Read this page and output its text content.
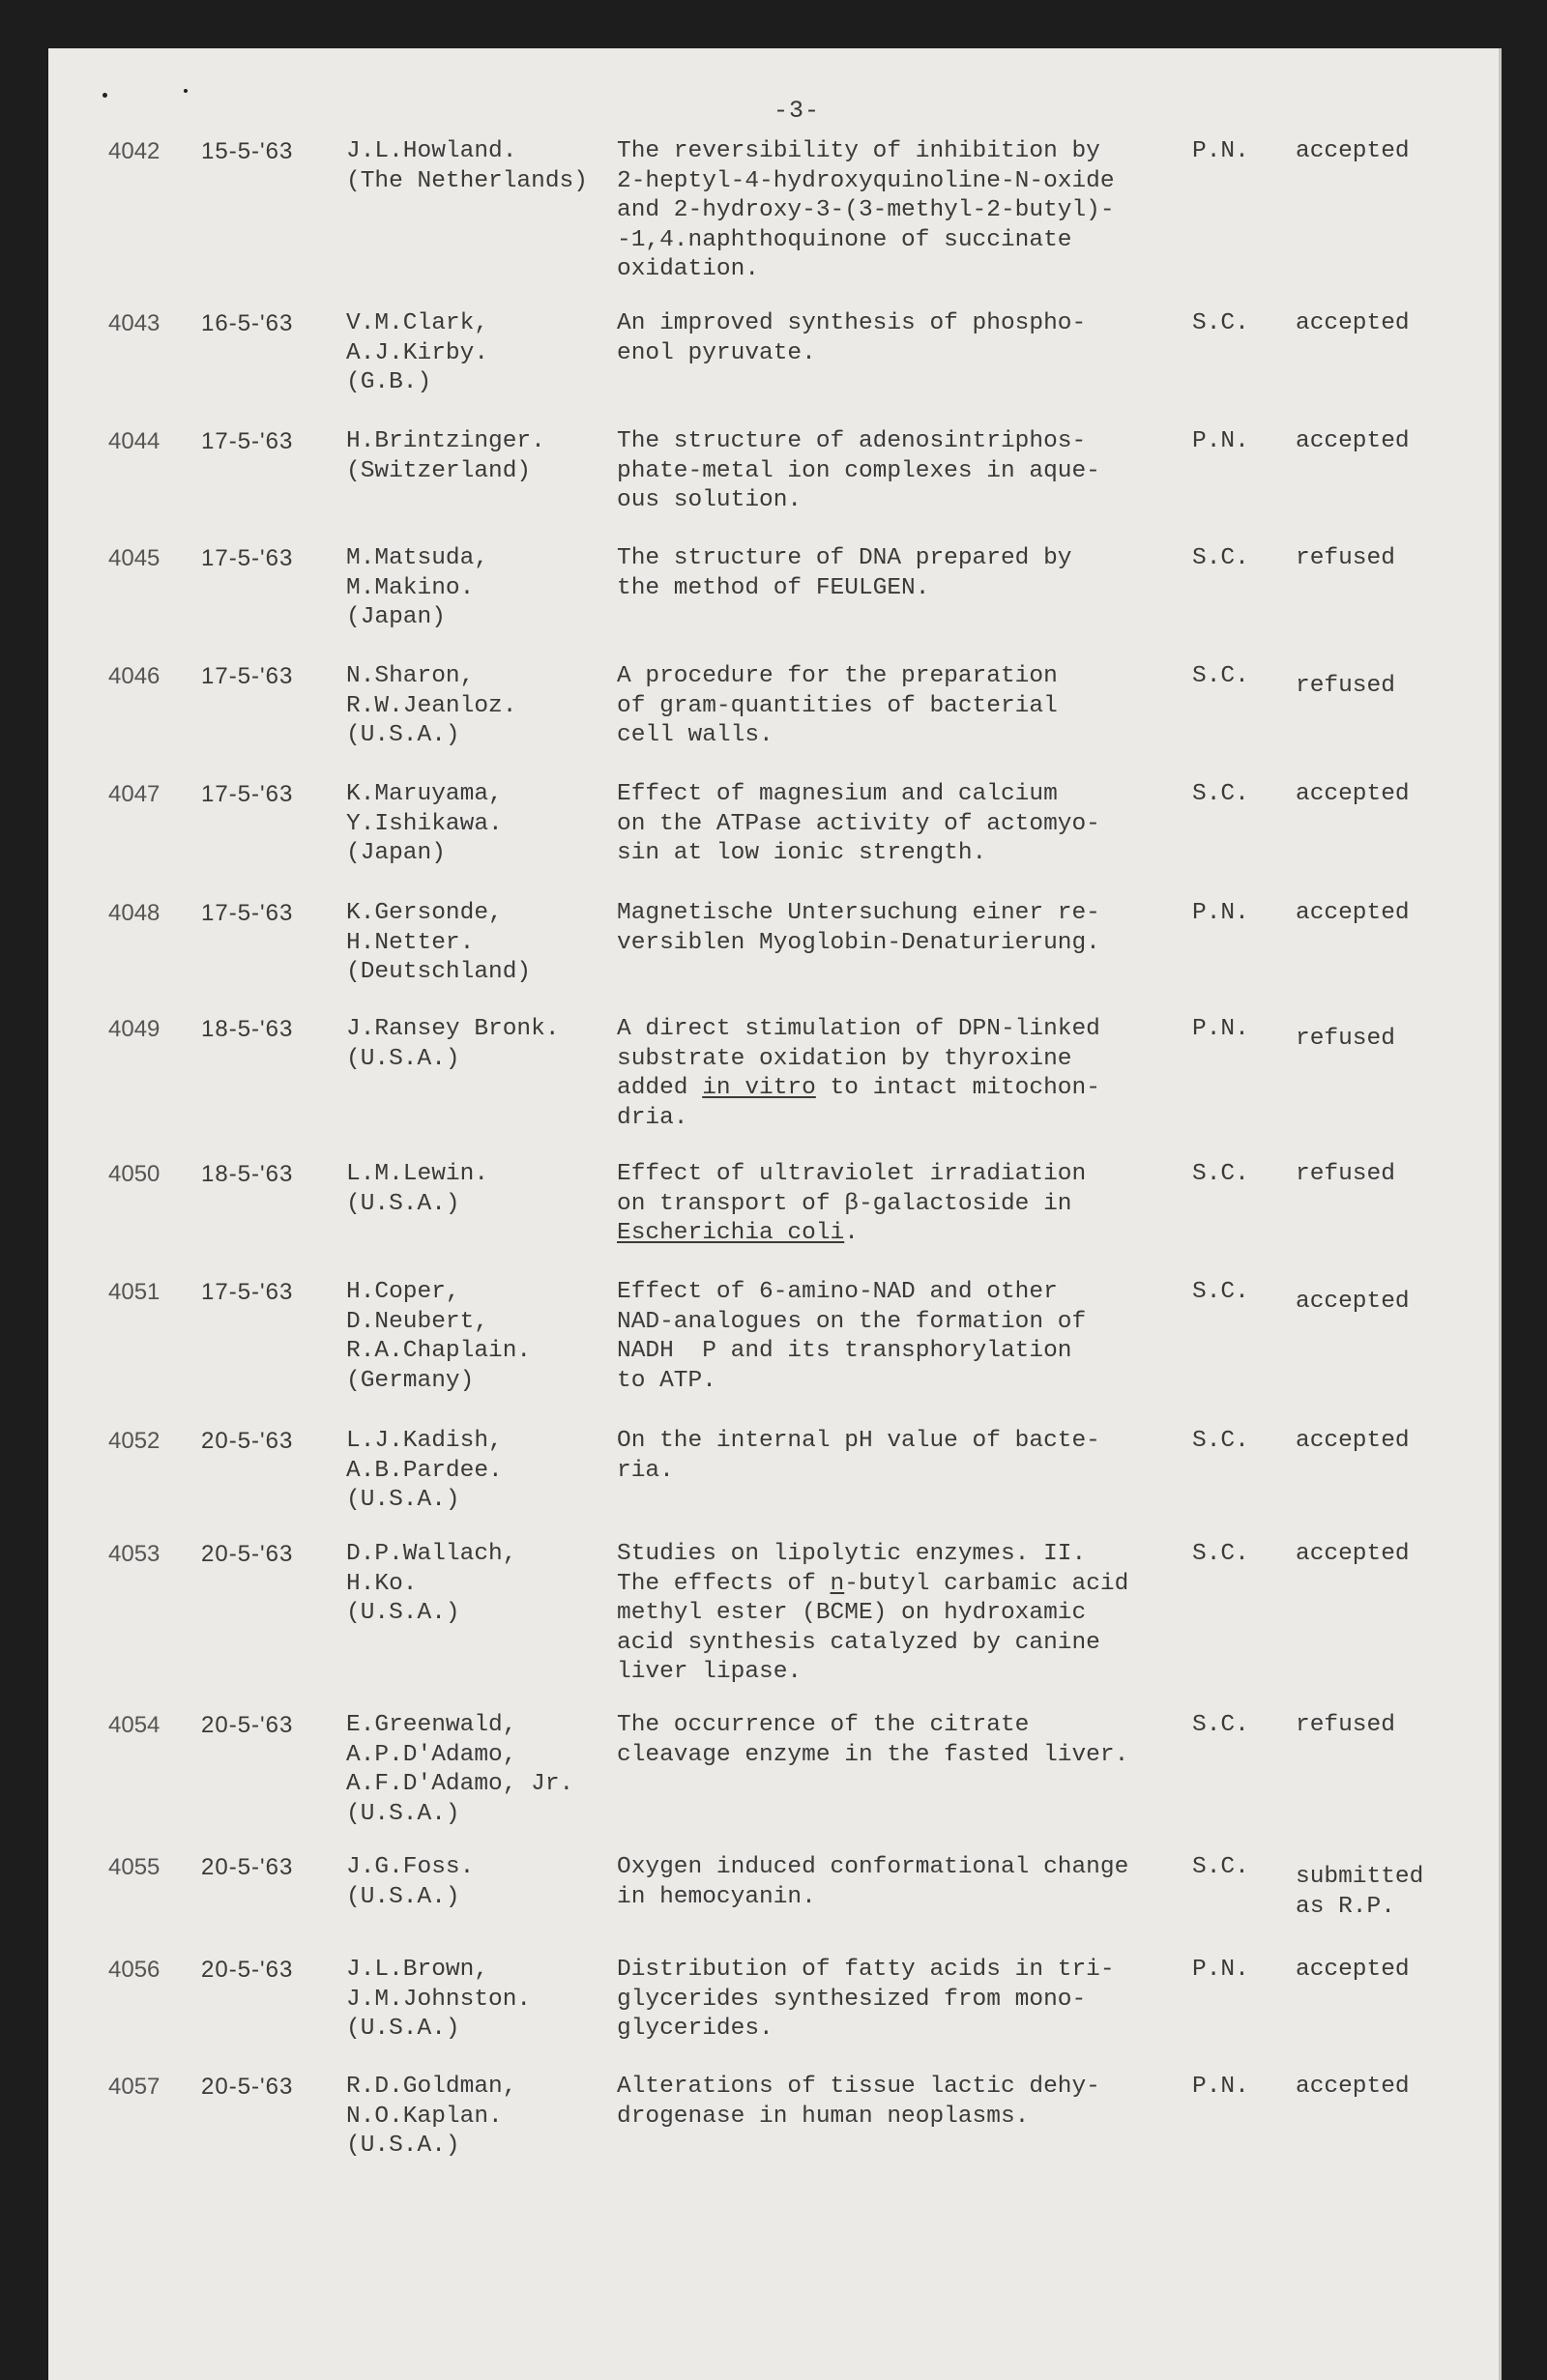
-3-
4042 15-5-'63 J.L.Howland.
(The Netherlands)
The reversibility of inhibition by
2-heptyl-4-hydroxyquinoline-N-oxide
and 2-hydroxy-3-(3-methyl-2-butyl)-
-1,4.naphthoquinone of succinate
oxidation.
P.N. accepted
4043 16-5-'63 V.M.Clark,
A.J.Kirby.
(G.B.)
An improved synthesis of phospho-
enol pyruvate.
S.C. accepted
4044 17-5-'63 H.Brintzinger.
(Switzerland)
The structure of adenosintriphos-
phate-metal ion complexes in aque-
ous solution.
P.N. accepted
4045 17-5-'63 M.Matsuda,
M.Makino.
(Japan)
The structure of DNA prepared by
the method of FEULGEN.
S.C. refused
4046 17-5-'63 N.Sharon,
R.W.Jeanloz.
(U.S.A.)
A procedure for the preparation
of gram-quantities of bacterial
cell walls.
S.C. refused
4047 17-5-'63 K.Maruyama,
Y.Ishikawa.
(Japan)
Effect of magnesium and calcium
on the ATPase activity of actomyo-
sin at low ionic strength.
S.C. accepted
4048 17-5-'63 K.Gersonde,
H.Netter.
(Deutschland)
Magnetische Untersuchung einer re-
versiblen Myoglobin-Denaturierung.
P.N. accepted
4049 18-5-'63 J.Ransey Bronk.
(U.S.A.)
A direct stimulation of DPN-linked
substrate oxidation by thyroxine
added in vitro to intact mitochon-
dria.
P.N. refused
4050 18-5-'63 L.M.Lewin.
(U.S.A.)
Effect of ultraviolet irradiation
on transport of β-galactoside in
Escherichia coli.
S.C. refused
4051 17-5-'63 H.Coper,
D.Neubert,
R.A.Chaplain.
(Germany)
Effect of 6-amino-NAD and other
NAD-analogues on the formation of
NADH  P and its transphorylation
to ATP.
S.C. accepted
4052 20-5-'63 L.J.Kadish,
A.B.Pardee.
(U.S.A.)
On the internal pH value of bacte-
ria.
S.C. accepted
4053 20-5-'63 D.P.Wallach,
H.Ko.
(U.S.A.)
Studies on lipolytic enzymes. II.
The effects of n-butyl carbamic acid
methyl ester (BCME) on hydroxamic
acid synthesis catalyzed by canine
liver lipase.
S.C. accepted
4054 20-5-'63 E.Greenwald,
A.P.D'Adamo,
A.F.D'Adamo, Jr.
(U.S.A.)
The occurrence of the citrate
cleavage enzyme in the fasted liver.
S.C. refused
4055 20-5-'63 J.G.Foss.
(U.S.A.)
Oxygen induced conformational change
in hemocyanin.
S.C. submitted
as R.P.
4056 20-5-'63 J.L.Brown,
J.M.Johnston.
(U.S.A.)
Distribution of fatty acids in tri-
glycerides synthesized from mono-
glycerides.
P.N. accepted
4057 20-5-'63 R.D.Goldman,
N.O.Kaplan.
(U.S.A.)
Alterations of tissue lactic dehy-
drogenase in human neoplasms.
P.N. accepted
